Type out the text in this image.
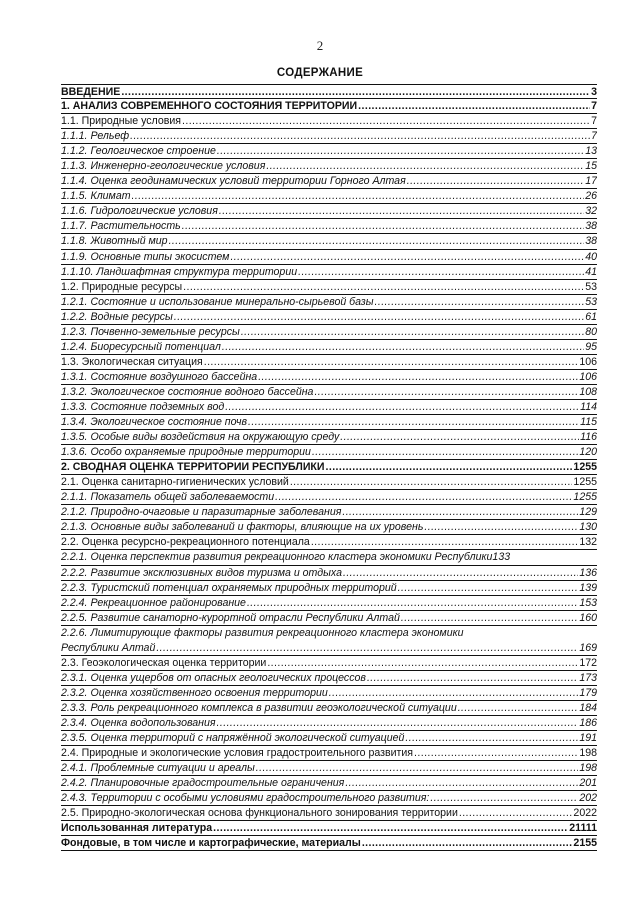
2
СОДЕРЖАНИЕ
ВВЕДЕНИЕ .....	3
1. АНАЛИЗ СОВРЕМЕННОГО СОСТОЯНИЯ ТЕРРИТОРИИ .....	7
1.1. Природные условия .....	7
1.1.1. Рельеф .....	7
1.1.2. Геологическое строение .....	13
1.1.3. Инженерно-геологические условия .....	15
1.1.4. Оценка геодинамических условий территории Горного Алтая .....	17
1.1.5. Климат .....	26
1.1.6. Гидрологические условия .....	32
1.1.7. Растительность .....	38
1.1.8. Животный мир .....	38
1.1.9. Основные типы экосистем .....	40
1.1.10. Ландшафтная структура территории .....	41
1.2. Природные ресурсы .....	53
1.2.1. Состояние и использование минерально-сырьевой базы .....	53
1.2.2. Водные ресурсы .....	61
1.2.3. Почвенно-земельные ресурсы .....	80
1.2.4. Биоресурсный потенциал .....	95
1.3. Экологическая ситуация .....	106
1.3.1. Состояние воздушного бассейна .....	106
1.3.2. Экологическое состояние водного бассейна .....	108
1.3.3. Состояние подземных вод .....	114
1.3.4. Экологическое состояние почв .....	115
1.3.5. Особые виды воздействия на окружающую среду .....	116
1.3.6. Особо охраняемые природные территории .....	120
2. СВОДНАЯ ОЦЕНКА ТЕРРИТОРИИ РЕСПУБЛИКИ .....	1255
2.1. Оценка санитарно-гигиенических условий .....	1255
2.1.1. Показатель общей заболеваемости .....	1255
2.1.2. Природно-очаговые и паразитарные заболевания .....	129
2.1.3. Основные виды заболеваний и факторы, влияющие на их уровень .....	130
2.2. Оценка ресурсно-рекреационного потенциала .....	132
2.2.1. Оценка перспектив развития рекреационного кластера экономики Республики 133
2.2.2. Развитие эксклюзивных видов туризма и отдыха .....	136
2.2.3. Туристский потенциал охраняемых природных территорий .....	139
2.2.4. Рекреационное районирование .....	153
2.2.5. Развитие санаторно-курортной отрасли Республики Алтай .....	160
2.2.6. Лимитирующие факторы развития рекреационного кластера экономики
Республики Алтай .....	169
2.3. Геоэкологическая оценка территории .....	172
2.3.1. Оценка ущербов от опасных геологических процессов .....	173
2.3.2. Оценка хозяйственного освоения территории .....	179
2.3.3. Роль рекреационного комплекса в развитии геоэкологической ситуации .....	184
2.3.4. Оценка водопользования .....	186
2.3.5. Оценка территорий с напряжённой экологической ситуацией .....	191
2.4. Природные и экологические условия градостроительного развития .....	198
2.4.1. Проблемные ситуации и ареалы .....	198
2.4.2. Планировочные градостроительные ограничения .....	201
2.4.3. Территории с особыми условиями градостроительного развития: .....	202
2.5. Природно-экологическая основа функционального зонирования территории .....	2022
Использованная литература .....	21111
Фондовые, в том числе и картографические, материалы .....	2155
